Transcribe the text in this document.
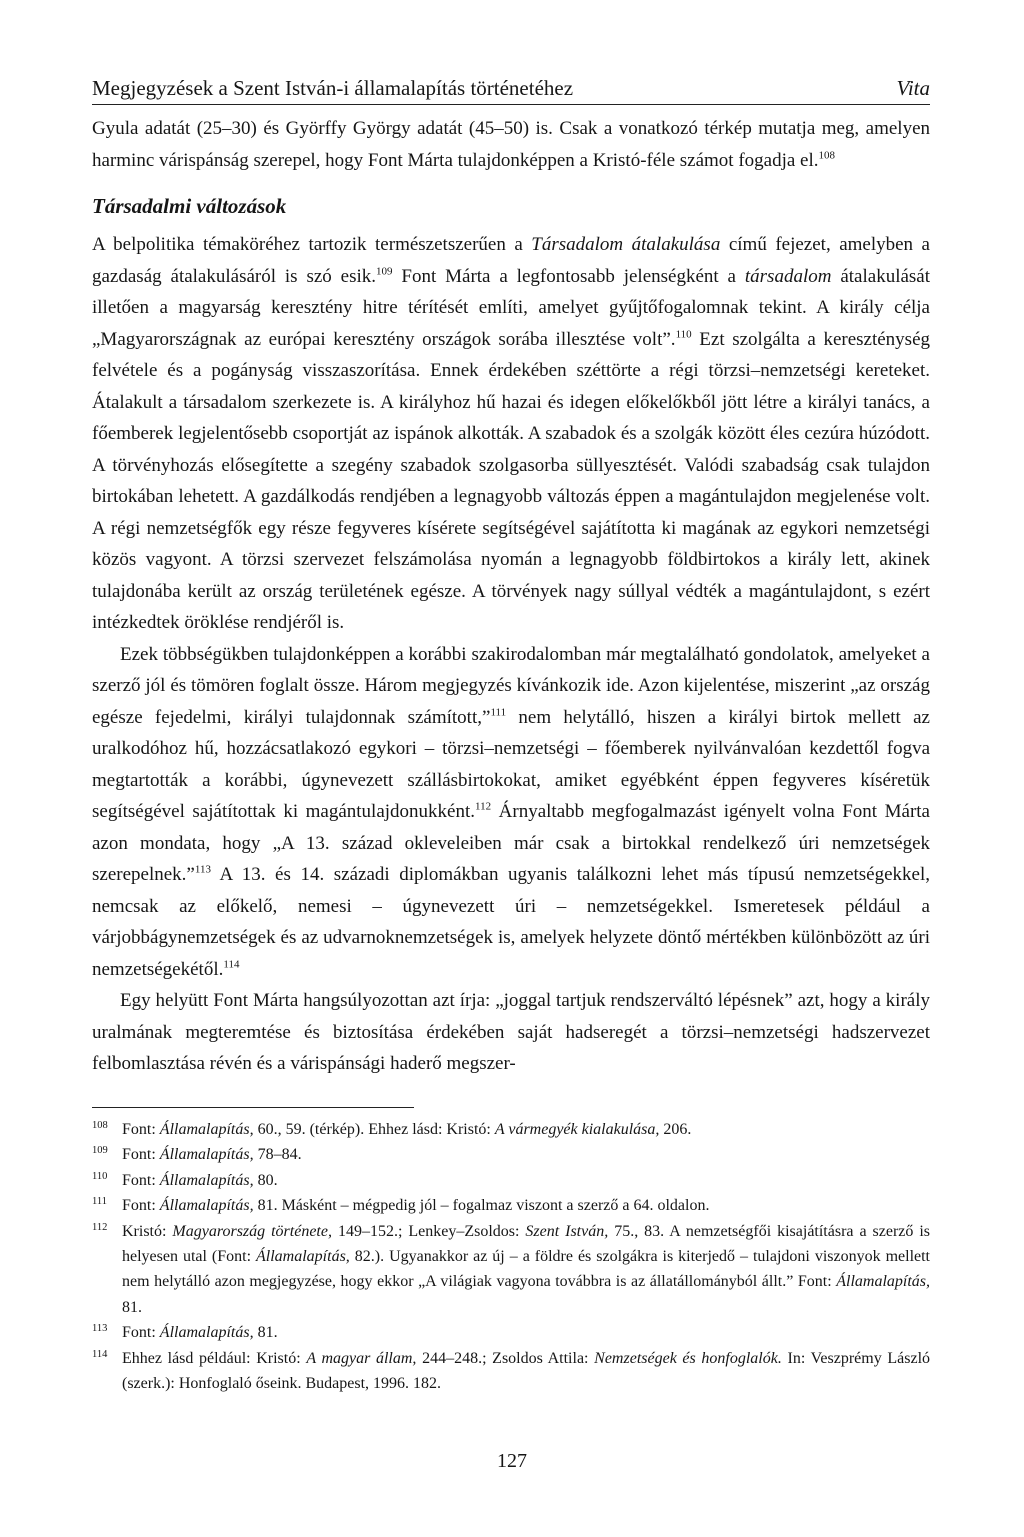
Megjegyzések a Szent István-i államalapítás történetéhez	Vita

Gyula adatát (25–30) és Györffy György adatát (45–50) is. Csak a vonatkozó térkép mutatja meg, amelyen harminc várispánság szerepel, hogy Font Márta tulajdonképpen a Kristó-féle számot fogadja el.$^{108}$

Társadalmi változások

A belpolitika témaköréhez tartozik természetszerűen a Társadalom átalakulása című fejezet, amelyben a gazdaság átalakulásáról is szó esik.$^{109}$ Font Márta a legfontosabb jelenségként a társadalom átalakulását illetően a magyarság keresztény hitre térítését említi, amelyet gyűjtőfogalomnak tekint. A király célja „Magyarországnak az európai keresztény országok sorába illesztése volt”.$^{110}$ Ezt szolgálta a kereszténység felvétele és a pogányság visszaszorítása. Ennek érdekében széttörte a régi törzsi–nemzetségi kereteket. Átalakult a társadalom szerkezete is. A királyhoz hű hazai és idegen előkelőkből jött létre a királyi tanács, a főemberek legjelentősebb csoportját az ispánok alkották. A szabadok és a szolgák között éles cezúra húzódott. A törvényhozás elősegítette a szegény szabadok szolgasorba süllyesztését. Valódi szabadság csak tulajdon birtokában lehetett. A gazdálkodás rendjében a legnagyobb változás éppen a magántulajdon megjelenése volt. A régi nemzetségfők egy része fegyveres kísérete segítségével sajátította ki magának az egykori nemzetségi közös vagyont. A törzsi szervezet felszámolása nyomán a legnagyobb földbirtokos a király lett, akinek tulajdonába került az ország területének egésze. A törvények nagy súllyal védték a magántulajdont, s ezért intézkedtek öröklése rendjéről is.

Ezek többségükben tulajdonképpen a korábbi szakirodalomban már megtalálható gondolatok, amelyeket a szerző jól és tömören foglalt össze. Három megjegyzés kívánkozik ide. Azon kijelentése, miszerint „az ország egésze fejedelmi, királyi tulajdonnak számított,”$^{111}$ nem helytálló, hiszen a királyi birtok mellett az uralkodóhoz hű, hozzácsatlakozó egykori – törzsi–nemzetségi – főemberek nyilvánvalóan kezdettől fogva megtartották a korábbi, úgynevezett szállásbirtokokat, amiket egyébként éppen fegyveres kíséretük segítségével sajátítottak ki magántulajdonukként.$^{112}$ Árnyaltabb megfogalmazást igényelt volna Font Márta azon mondata, hogy „A 13. század okleveleiben már csak a birtokkal rendelkező úri nemzetségek szerepelnek.”$^{113}$ A 13. és 14. századi diplomákban ugyanis találkozni lehet más típusú nemzetségekkel, nemcsak az előkelő, nemesi – úgynevezett úri – nemzetségekkel. Ismeretesek például a várjobbágynemzetségek és az udvarnoknemzetségek is, amelyek helyzete döntő mértékben különbözött az úri nemzetségekétől.$^{114}$

Egy helyütt Font Márta hangsúlyozottan azt írja: „joggal tartjuk rendszerváltó lépésnek” azt, hogy a király uralmának megteremtése és biztosítása érdekében saját hadseregét a törzsi–nemzetségi hadszervezet felbomlasztása révén és a várispánsági haderő megszer-

108 Font: Államalapítás, 60., 59. (térkép). Ehhez lásd: Kristó: A vármegyék kialakulása, 206.
109 Font: Államalapítás, 78–84.
110 Font: Államalapítás, 80.
111 Font: Államalapítás, 81. Másként – mégpedig jól – fogalmaz viszont a szerző a 64. oldalon.
112 Kristó: Magyarország története, 149–152.; Lenkey–Zsoldos: Szent István, 75., 83. A nemzetségfői kisajátításra a szerző is helyesen utal (Font: Államalapítás, 82.). Ugyanakkor az új – a földre és szolgákra is kiterjedő – tulajdoni viszonyok mellett nem helytálló azon megjegyzése, hogy ekkor „A világiak vagyona továbbra is az állatállományból állt.” Font: Államalapítás, 81.
113 Font: Államalapítás, 81.
114 Ehhez lásd például: Kristó: A magyar állam, 244–248.; Zsoldos Attila: Nemzetségek és honfoglalók. In: Veszprémy László (szerk.): Honfoglaló őseink. Budapest, 1996. 182.
127
